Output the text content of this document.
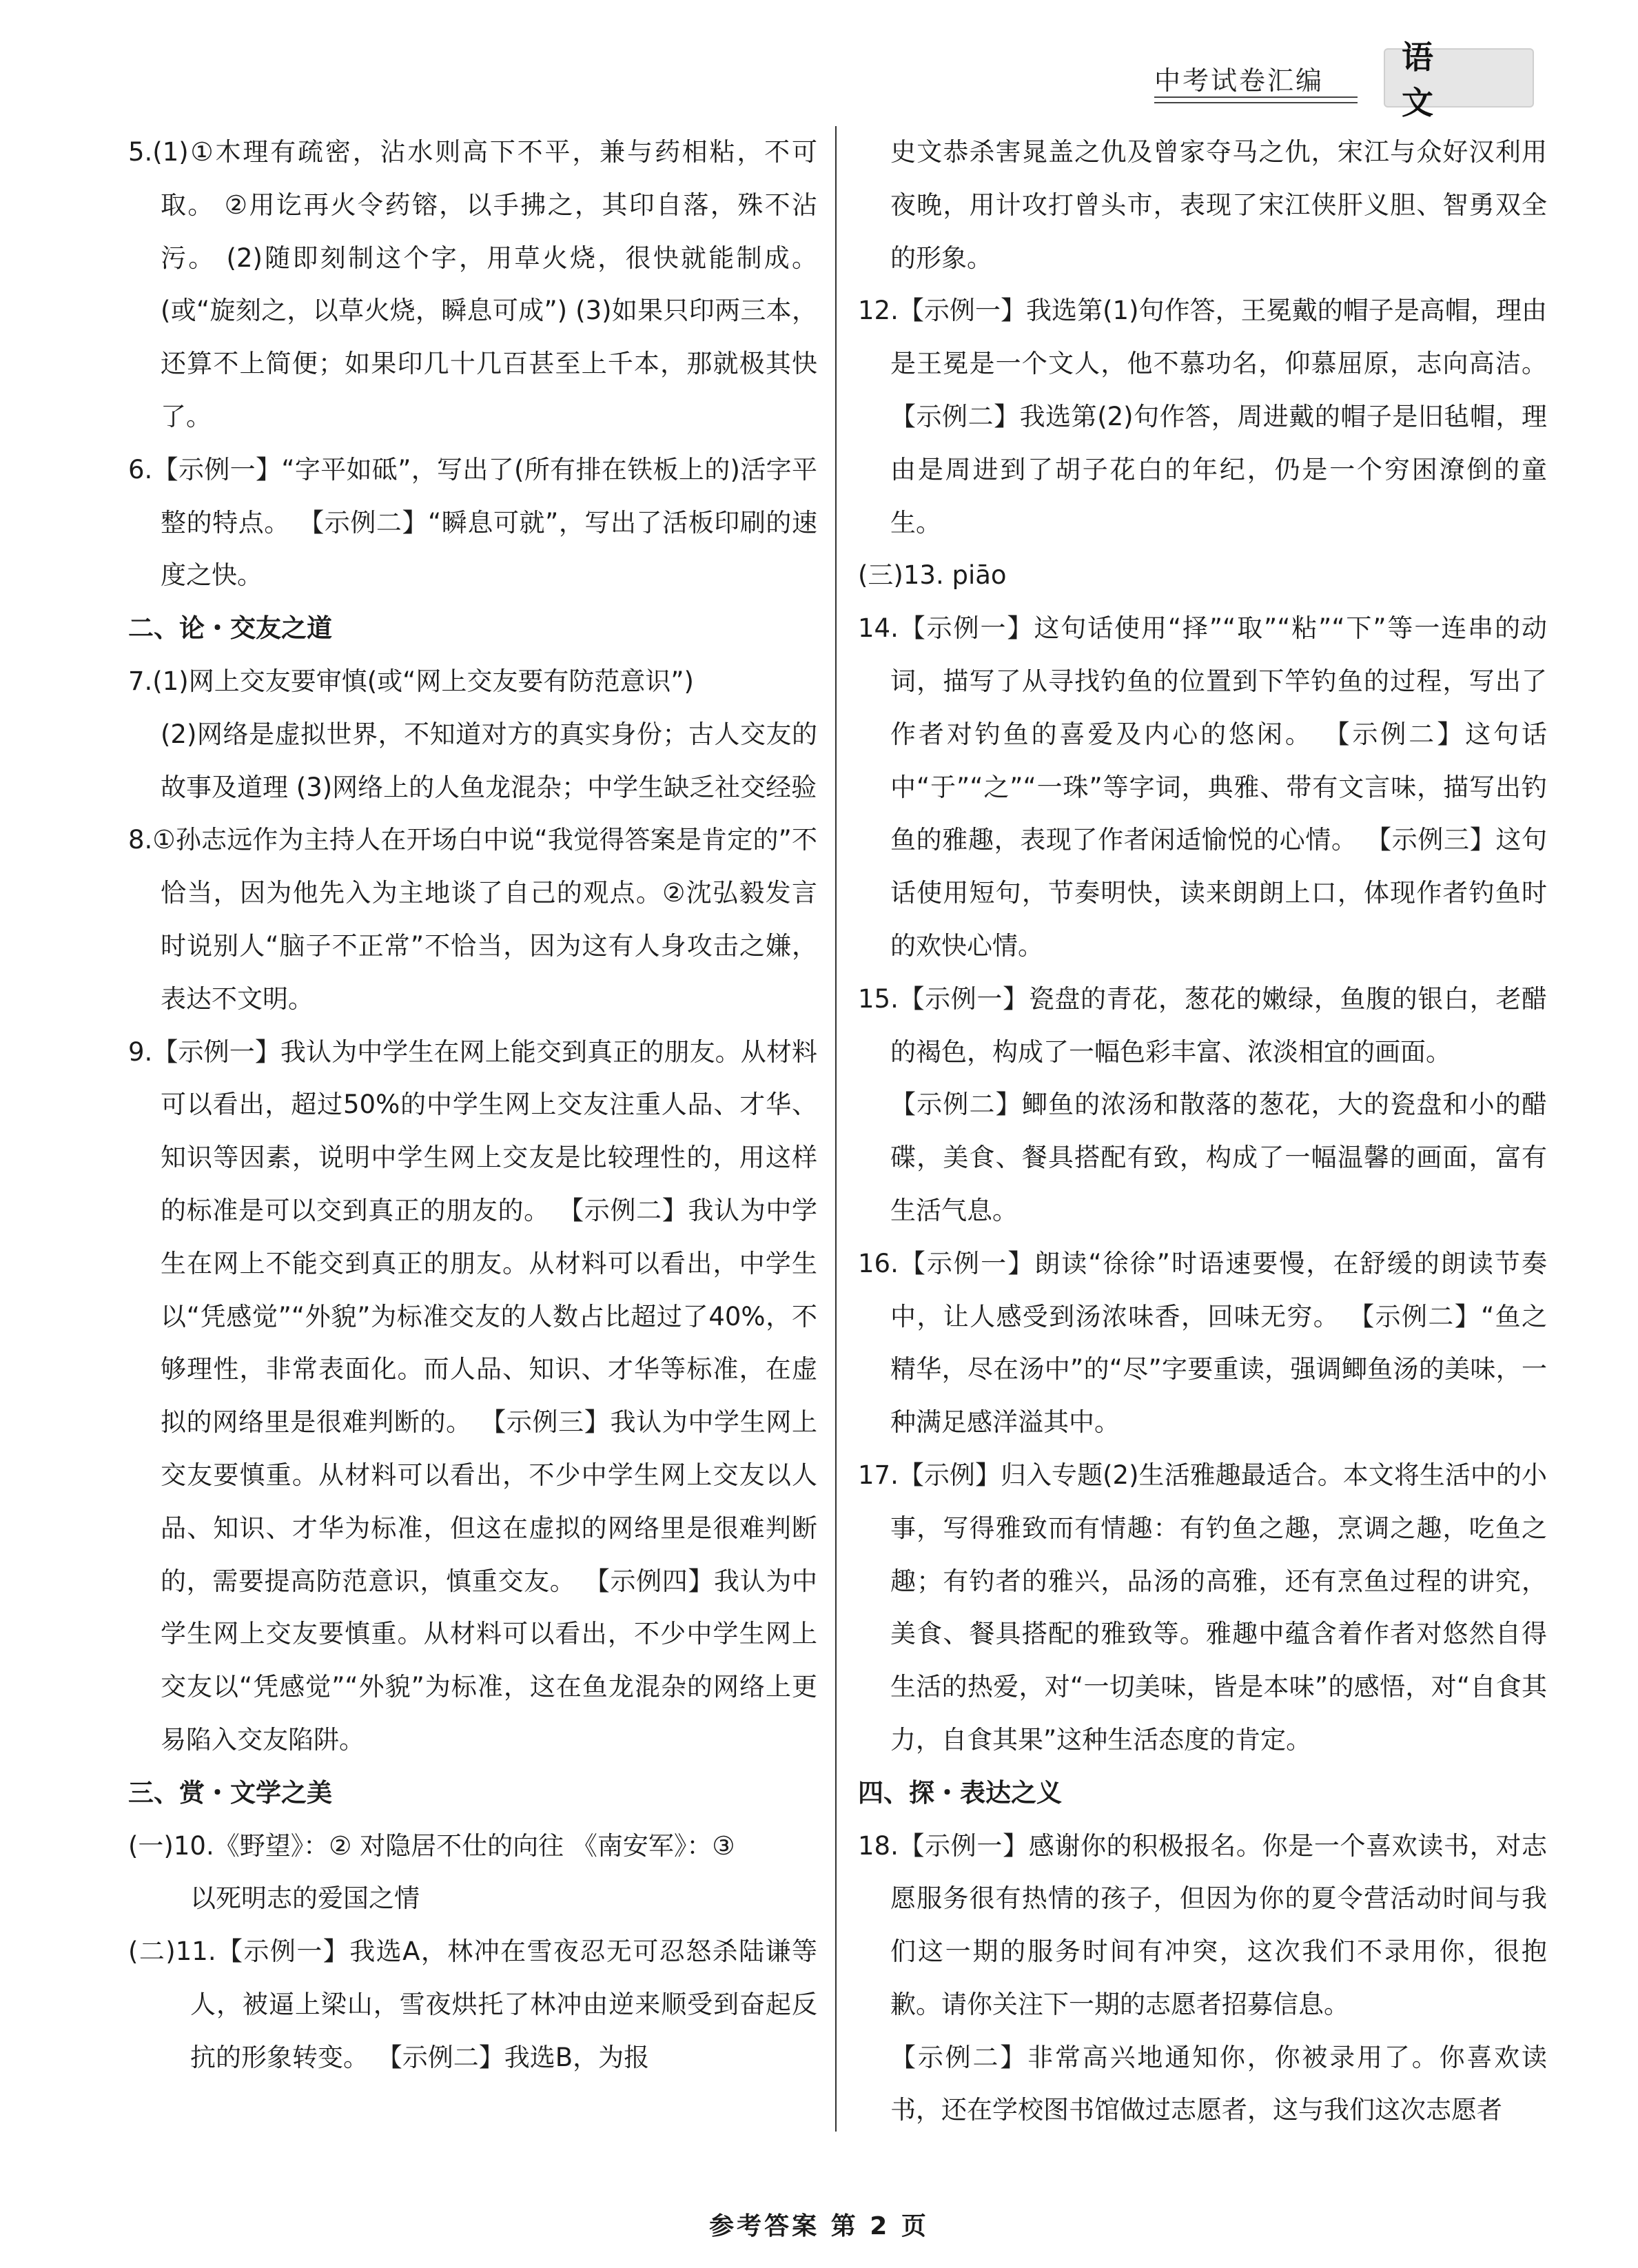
中考试卷汇编
语 文

5.(1)①木理有疏密，沾水则高下不平，兼与药相粘，不可取。 ②用讫再火令药镕，以手拂之，其印自落，殊不沾污。 (2)随即刻制这个字，用草火烧，很快就能制成。(或“旋刻之，以草火烧，瞬息可成”) (3)如果只印两三本，还算不上简便；如果印几十几百甚至上千本，那就极其快了。

6.【示例一】“字平如砥”，写出了(所有排在铁板上的)活字平整的特点。 【示例二】“瞬息可就”，写出了活板印刷的速度之快。

二、论・交友之道

7.(1)网上交友要审慎(或“网上交友要有防范意识”)

(2)网络是虚拟世界，不知道对方的真实身份；古人交友的故事及道理 (3)网络上的人鱼龙混杂；中学生缺乏社交经验

8.①孙志远作为主持人在开场白中说“我觉得答案是肯定的”不恰当，因为他先入为主地谈了自己的观点。②沈弘毅发言时说别人“脑子不正常”不恰当，因为这有人身攻击之嫌，表达不文明。

9.【示例一】我认为中学生在网上能交到真正的朋友。从材料可以看出，超过50%的中学生网上交友注重人品、才华、知识等因素，说明中学生网上交友是比较理性的，用这样的标准是可以交到真正的朋友的。 【示例二】我认为中学生在网上不能交到真正的朋友。从材料可以看出，中学生以“凭感觉”“外貌”为标准交友的人数占比超过了40%，不够理性，非常表面化。而人品、知识、才华等标准，在虚拟的网络里是很难判断的。 【示例三】我认为中学生网上交友要慎重。从材料可以看出，不少中学生网上交友以人品、知识、才华为标准，但这在虚拟的网络里是很难判断的，需要提高防范意识，慎重交友。 【示例四】我认为中学生网上交友要慎重。从材料可以看出，不少中学生网上交友以“凭感觉”“外貌”为标准，这在鱼龙混杂的网络上更易陷入交友陷阱。

三、赏・文学之美

(一)10.《野望》：② 对隐居不仕的向往 《南安军》：③

以死明志的爱国之情

(二)11.【示例一】我选A，林冲在雪夜忍无可忍怒杀陆谦等人，被逼上梁山，雪夜烘托了林冲由逆来顺受到奋起反抗的形象转变。 【示例二】我选B，为报

史文恭杀害晁盖之仇及曾家夺马之仇，宋江与众好汉利用夜晚，用计攻打曾头市，表现了宋江侠肝义胆、智勇双全的形象。

12.【示例一】我选第(1)句作答，王冕戴的帽子是高帽，理由是王冕是一个文人，他不慕功名，仰慕屈原，志向高洁。 【示例二】我选第(2)句作答，周进戴的帽子是旧毡帽，理由是周进到了胡子花白的年纪，仍是一个穷困潦倒的童生。

(三)13. piāo

14.【示例一】这句话使用“择”“取”“粘”“下”等一连串的动词，描写了从寻找钓鱼的位置到下竿钓鱼的过程，写出了作者对钓鱼的喜爱及内心的悠闲。 【示例二】这句话中“于”“之”“一珠”等字词，典雅、带有文言味，描写出钓鱼的雅趣，表现了作者闲适愉悦的心情。 【示例三】这句话使用短句，节奏明快，读来朗朗上口，体现作者钓鱼时的欢快心情。

15.【示例一】瓷盘的青花，葱花的嫩绿，鱼腹的银白，老醋的褐色，构成了一幅色彩丰富、浓淡相宜的画面。

【示例二】鲫鱼的浓汤和散落的葱花，大的瓷盘和小的醋碟，美食、餐具搭配有致，构成了一幅温馨的画面，富有生活气息。

16.【示例一】朗读“徐徐”时语速要慢，在舒缓的朗读节奏中，让人感受到汤浓味香，回味无穷。 【示例二】“鱼之精华，尽在汤中”的“尽”字要重读，强调鲫鱼汤的美味，一种满足感洋溢其中。

17.【示例】归入专题(2)生活雅趣最适合。本文将生活中的小事，写得雅致而有情趣：有钓鱼之趣，烹调之趣，吃鱼之趣；有钓者的雅兴，品汤的高雅，还有烹鱼过程的讲究，美食、餐具搭配的雅致等。雅趣中蕴含着作者对悠然自得生活的热爱，对“一切美味，皆是本味”的感悟，对“自食其力，自食其果”这种生活态度的肯定。

四、探・表达之义

18.【示例一】感谢你的积极报名。你是一个喜欢读书，对志愿服务很有热情的孩子，但因为你的夏令营活动时间与我们这一期的服务时间有冲突，这次我们不录用你，很抱歉。请你关注下一期的志愿者招募信息。

【示例二】非常高兴地通知你，你被录用了。你喜欢读书，还在学校图书馆做过志愿者，这与我们这次志愿者

参考答案 第 2 页
